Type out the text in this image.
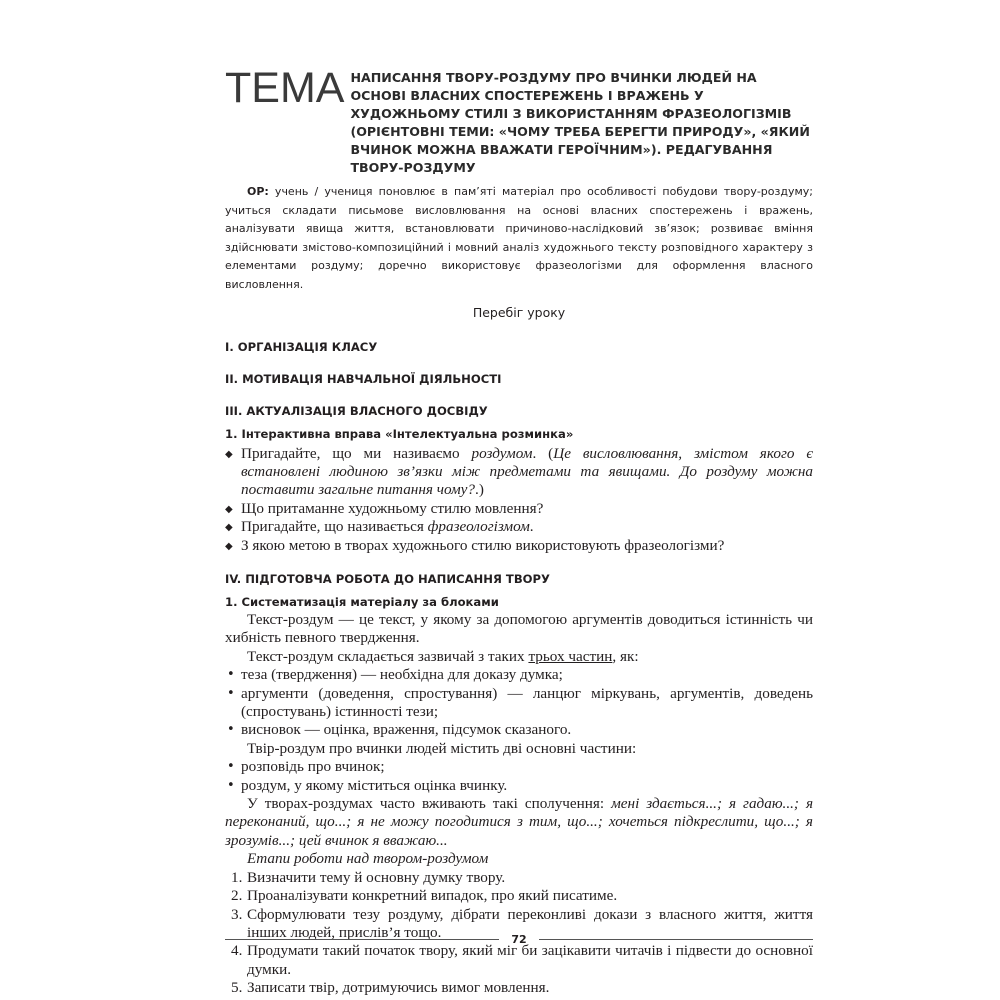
ТЕМА НАПИСАННЯ ТВОРУ-РОЗДУМУ ПРО ВЧИНКИ ЛЮДЕЙ НА ОСНОВІ ВЛАСНИХ СПОСТЕРЕЖЕНЬ І ВРАЖЕНЬ У ХУДОЖНЬОМУ СТИЛІ З ВИКОРИСТАННЯМ ФРАЗЕОЛОГІЗМІВ (ОРІЄНТОВНІ ТЕМИ: «ЧОМУ ТРЕБА БЕРЕГТИ ПРИРОДУ», «ЯКИЙ ВЧИНОК МОЖНА ВВАЖАТИ ГЕРОЇЧНИМ»). РЕДАГУВАННЯ ТВОРУ-РОЗДУМУ
ОР: учень / учениця поновлює в пам’яті матеріал про особливості побудови твору-роздуму; учиться складати письмове висловлювання на основі власних спостережень і вражень, аналізувати явища життя, встановлювати причиново-наслідковий зв’язок; розвиває вміння здійснювати змістово-композиційний і мовний аналіз художнього тексту розповідного характеру з елементами роздуму; доречно використовує фразеологізми для оформлення власного висловлення.
Перебіг уроку
I. ОРГАНІЗАЦІЯ КЛАСУ
II. МОТИВАЦІЯ НАВЧАЛЬНОЇ ДІЯЛЬНОСТІ
III. АКТУАЛІЗАЦІЯ ВЛАСНОГО ДОСВІДУ
1. Інтерактивна вправа «Інтелектуальна розминка»
◆ Пригадайте, що ми називаємо роздумом. (Це висловлювання, змістом якого є встановлені людиною зв’язки між предметами та явищами. До роздуму можна поставити загальне питання чому?.)
◆ Що притаманне художньому стилю мовлення?
◆ Пригадайте, що називається фразеологізмом.
◆ З якою метою в творах художнього стилю використовують фразеологізми?
IV. ПІДГОТОВЧА РОБОТА ДО НАПИСАННЯ ТВОРУ
1. Систематизація матеріалу за блоками
Текст-роздум — це текст, у якому за допомогою аргументів доводиться істинність чи хибність певного твердження.
Текст-роздум складається зазвичай з таких трьох частин, як:
• теза (твердження) — необхідна для доказу думка;
• аргументи (доведення, спростування) — ланцюг міркувань, аргументів, доведень (спростувань) істинності тези;
• висновок — оцінка, враження, підсумок сказаного.
Твір-роздум про вчинки людей містить дві основні частини:
• розповідь про вчинок;
• роздум, у якому міститься оцінка вчинку.
У творах-роздумах часто вживають такі сполучення: мені здається...; я гадаю...; я переконаний, що...; я не можу погодитися з тим, що...; хочеться підкреслити, що...; я зрозумів...; цей вчинок я вважаю...
Етапи роботи над твором-роздумом
1. Визначити тему й основну думку твору.
2. Проаналізувати конкретний випадок, про який писатиме.
3. Сформулювати тезу роздуму, дібрати переконливі докази з власного життя, життя інших людей, прислів’я тощо.
4. Продумати такий початок твору, який міг би зацікавити читачів і підвести до основної думки.
5. Записати твір, дотримуючись вимог мовлення.
72
